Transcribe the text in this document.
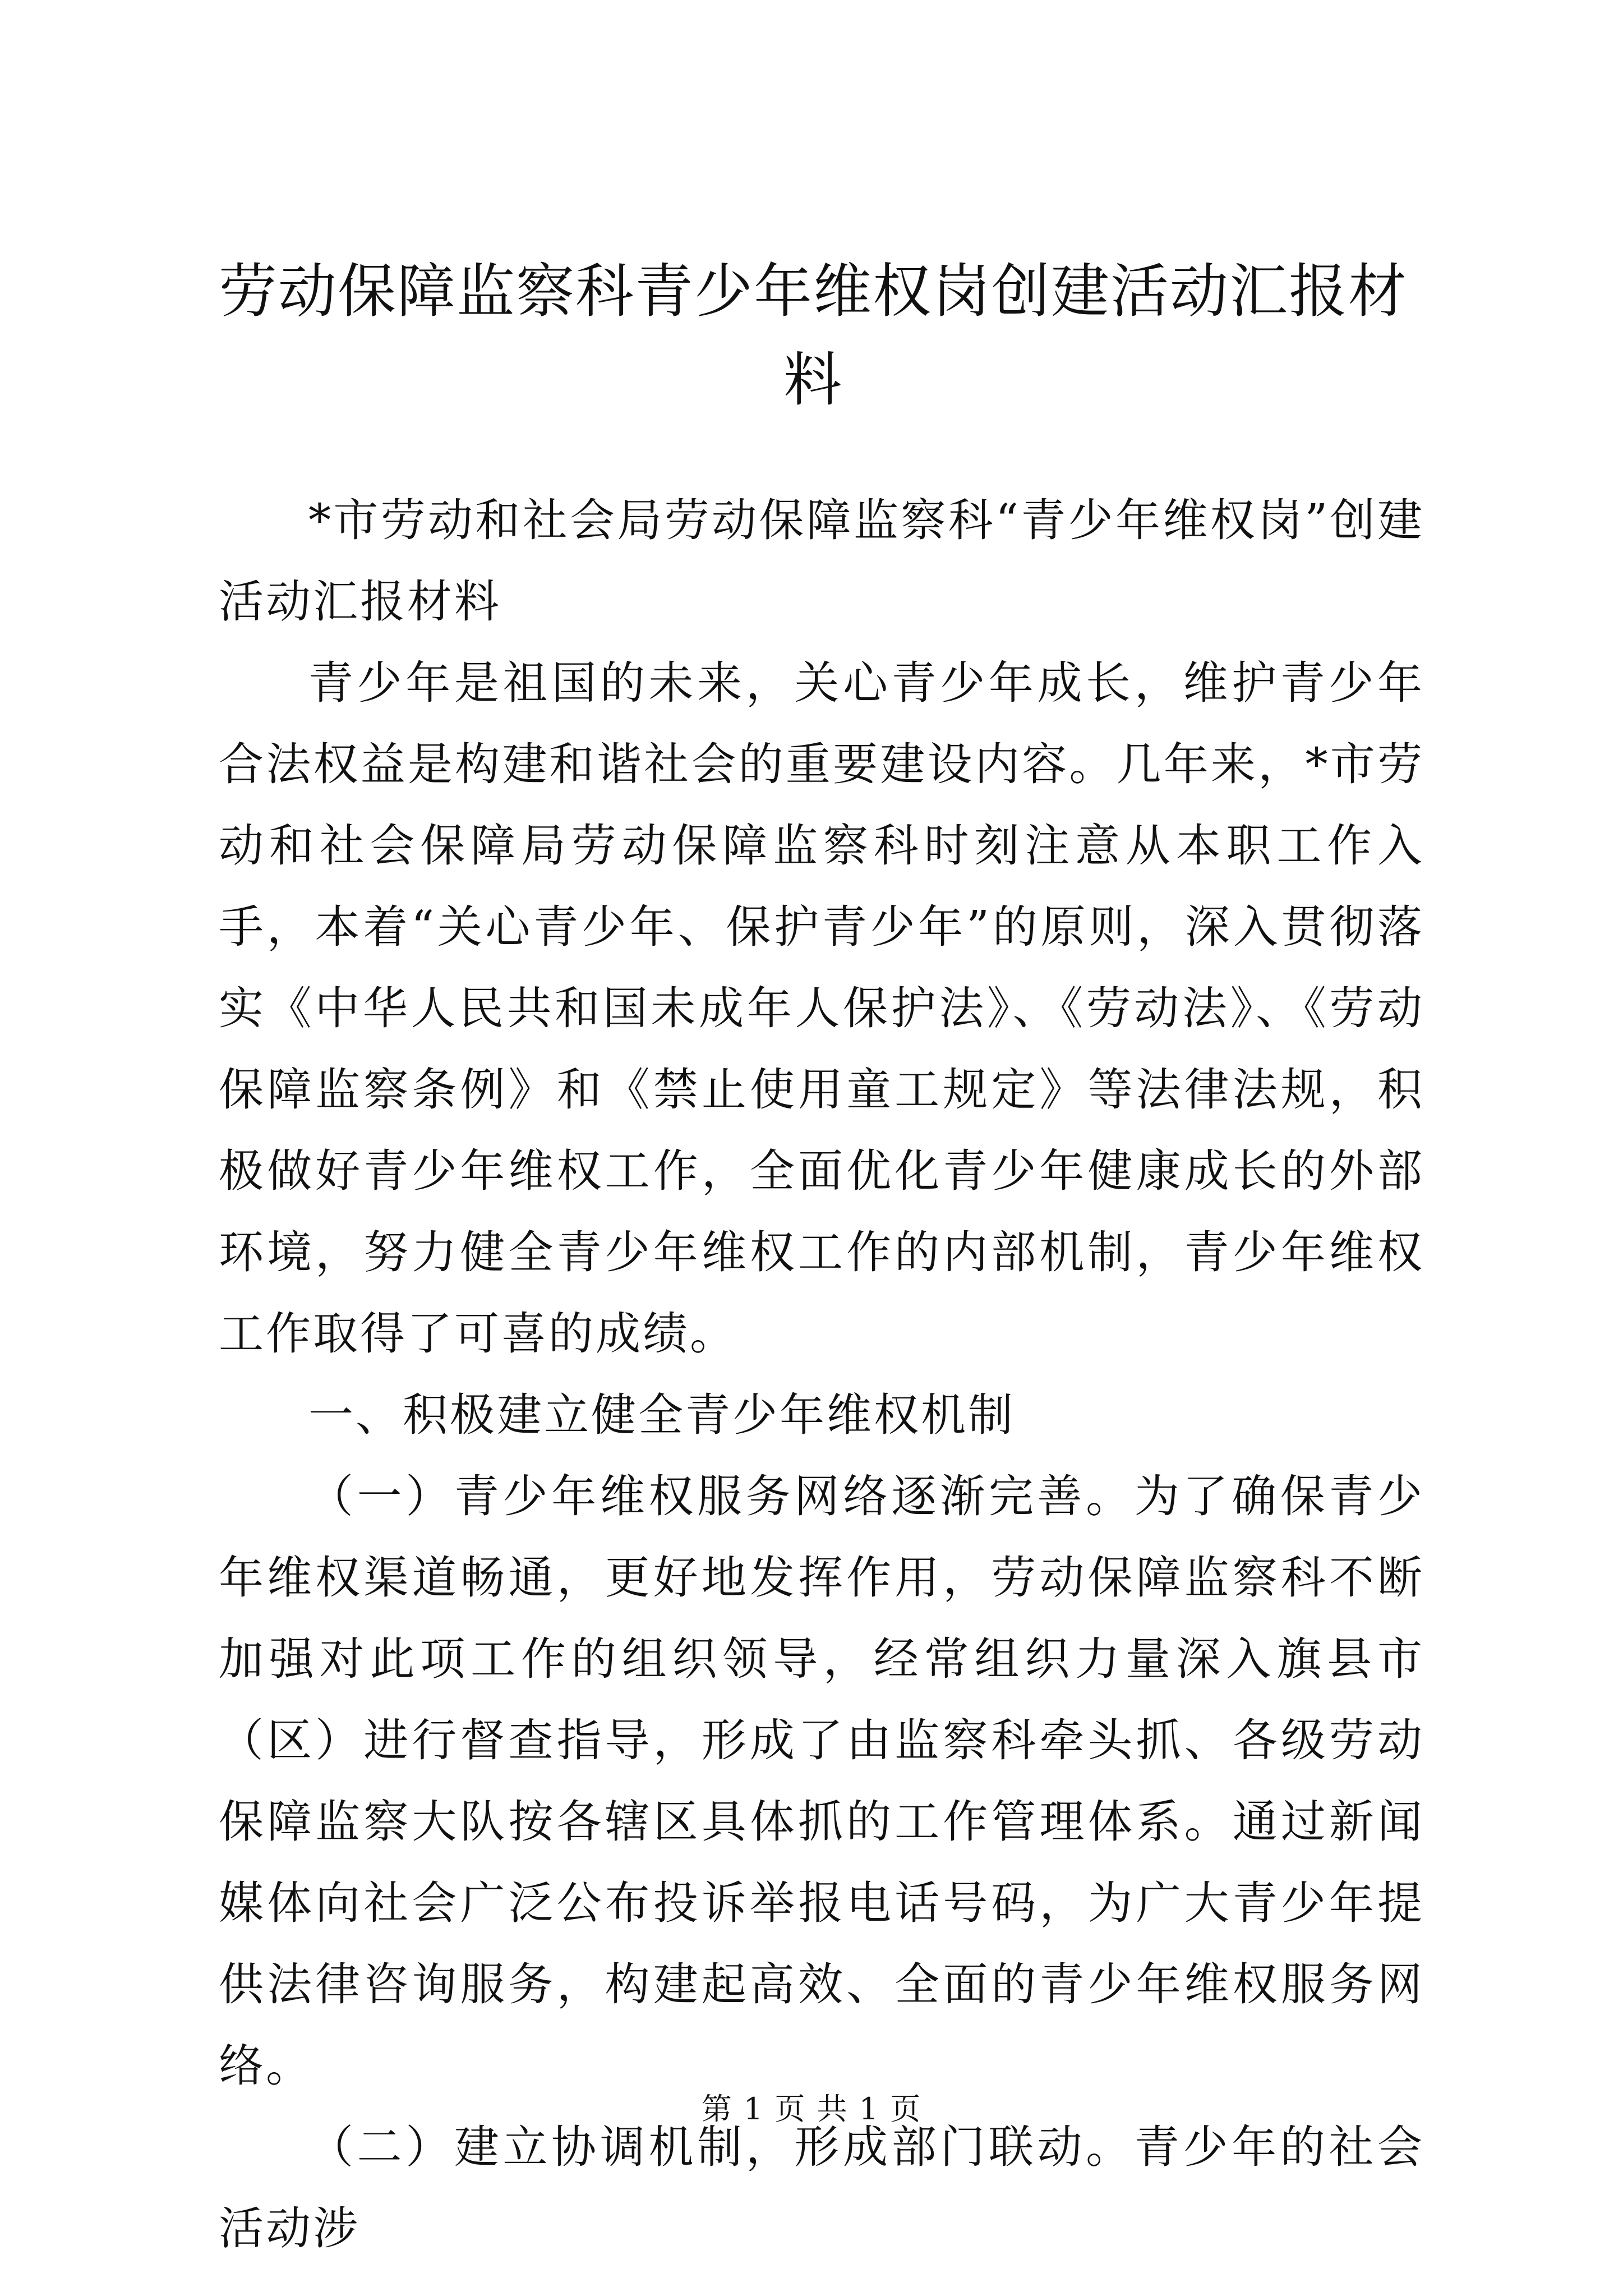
劳动保障监察科青少年维权岗创建活动汇报材料

*市劳动和社会局劳动保障监察科“青少年维权岗”创建活动汇报材料

青少年是祖国的未来，关心青少年成长，维护青少年合法权益是构建和谐社会的重要建设内容。几年来，*市劳动和社会保障局劳动保障监察科时刻注意从本职工作入手，本着“关心青少年、保护青少年”的原则，深入贯彻落实《中华人民共和国未成年人保护法》、《劳动法》、《劳动保障监察条例》和《禁止使用童工规定》等法律法规，积极做好青少年维权工作，全面优化青少年健康成长的外部环境，努力健全青少年维权工作的内部机制，青少年维权工作取得了可喜的成绩。

一、积极建立健全青少年维权机制

（一）青少年维权服务网络逐渐完善。为了确保青少年维权渠道畅通，更好地发挥作用，劳动保障监察科不断加强对此项工作的组织领导，经常组织力量深入旗县市（区）进行督查指导，形成了由监察科牵头抓、各级劳动保障监察大队按各辖区具体抓的工作管理体系。通过新闻媒体向社会广泛公布投诉举报电话号码，为广大青少年提供法律咨询服务，构建起高效、全面的青少年维权服务网络。

（二）建立协调机制，形成部门联动。青少年的社会活动涉

第 1 页 共 1 页
